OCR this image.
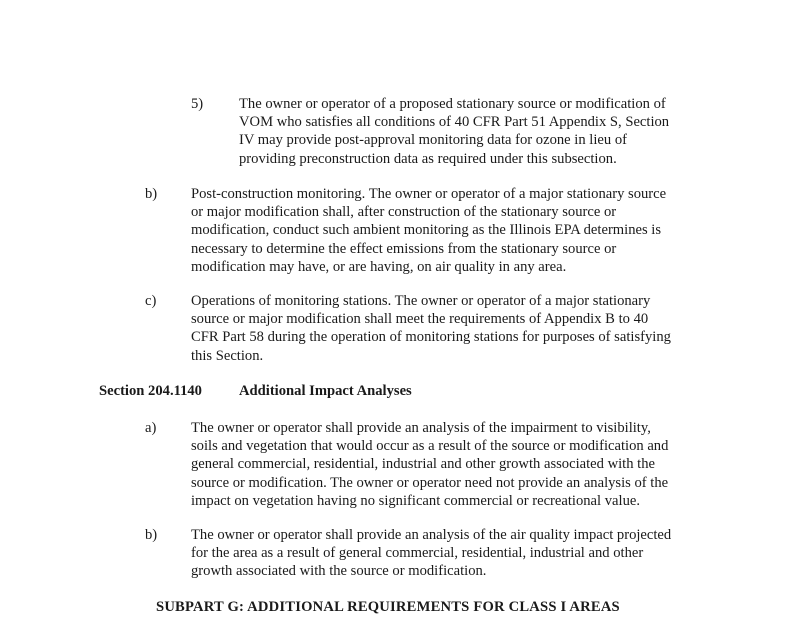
5)	The owner or operator of a proposed stationary source or modification of
VOM who satisfies all conditions of 40 CFR Part 51 Appendix S, Section
IV may provide post-approval monitoring data for ozone in lieu of
providing preconstruction data as required under this subsection.
b)	Post-construction monitoring. The owner or operator of a major stationary source
or major modification shall, after construction of the stationary source or
modification, conduct such ambient monitoring as the Illinois EPA determines is
necessary to determine the effect emissions from the stationary source or
modification may have, or are having, on air quality in any area.
c)	Operations of monitoring stations. The owner or operator of a major stationary
source or major modification shall meet the requirements of Appendix B to 40
CFR Part 58 during the operation of monitoring stations for purposes of satisfying
this Section.
Section 204.1140	Additional Impact Analyses
a)	The owner or operator shall provide an analysis of the impairment to visibility,
soils and vegetation that would occur as a result of the source or modification and
general commercial, residential, industrial and other growth associated with the
source or modification. The owner or operator need not provide an analysis of the
impact on vegetation having no significant commercial or recreational value.
b)	The owner or operator shall provide an analysis of the air quality impact projected
for the area as a result of general commercial, residential, industrial and other
growth associated with the source or modification.
SUBPART G: ADDITIONAL REQUIREMENTS FOR CLASS I AREAS
